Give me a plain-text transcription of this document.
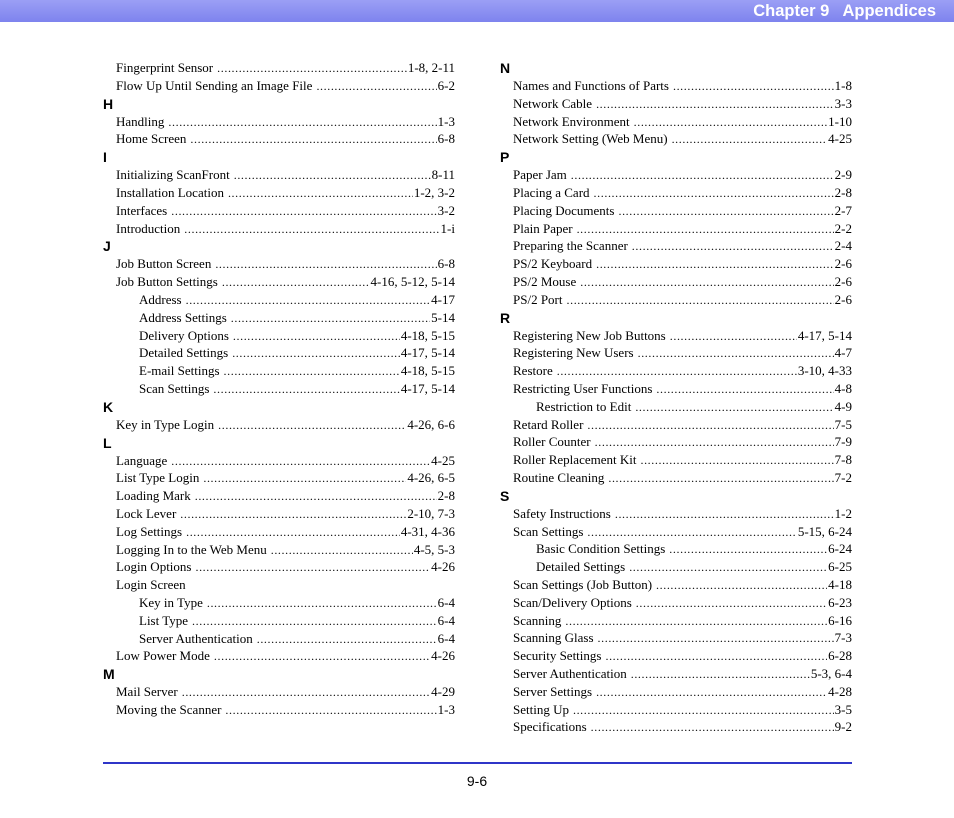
Chapter 9   Appendices
Fingerprint Sensor .....	1-8, 2-11
Flow Up Until Sending an Image File .....	6-2
H
Handling .....	1-3
Home Screen .....	6-8
I
Initializing ScanFront .....	8-11
Installation Location .....	1-2, 3-2
Interfaces .....	3-2
Introduction .....	1-i
J
Job Button Screen .....	6-8
Job Button Settings .....	4-16, 5-12, 5-14
Address .....	4-17
Address Settings .....	5-14
Delivery Options .....	4-18, 5-15
Detailed Settings .....	4-17, 5-14
E-mail Settings .....	4-18, 5-15
Scan Settings .....	4-17, 5-14
K
Key in Type Login .....	4-26, 6-6
L
Language .....	4-25
List Type Login .....	4-26, 6-5
Loading Mark .....	2-8
Lock Lever .....	2-10, 7-3
Log Settings .....	4-31, 4-36
Logging In to the Web Menu .....	4-5, 5-3
Login Options .....	4-26
Login Screen
Key in Type .....	6-4
List Type .....	6-4
Server Authentication .....	6-4
Low Power Mode .....	4-26
M
Mail Server .....	4-29
Moving the Scanner .....	1-3
N
Names and Functions of Parts .....	1-8
Network Cable .....	3-3
Network Environment .....	1-10
Network Setting (Web Menu) .....	4-25
P
Paper Jam .....	2-9
Placing a Card .....	2-8
Placing Documents .....	2-7
Plain Paper .....	2-2
Preparing the Scanner .....	2-4
PS/2 Keyboard .....	2-6
PS/2 Mouse .....	2-6
PS/2 Port .....	2-6
R
Registering New Job Buttons .....	4-17, 5-14
Registering New Users .....	4-7
Restore .....	3-10, 4-33
Restricting User Functions .....	4-8
Restriction to Edit .....	4-9
Retard Roller .....	7-5
Roller Counter .....	7-9
Roller Replacement Kit .....	7-8
Routine Cleaning .....	7-2
S
Safety Instructions .....	1-2
Scan Settings .....	5-15, 6-24
Basic Condition Settings .....	6-24
Detailed Settings .....	6-25
Scan Settings (Job Button) .....	4-18
Scan/Delivery Options .....	6-23
Scanning .....	6-16
Scanning Glass .....	7-3
Security Settings .....	6-28
Server Authentication .....	5-3, 6-4
Server Settings .....	4-28
Setting Up .....	3-5
Specifications .....	9-2
9-6
